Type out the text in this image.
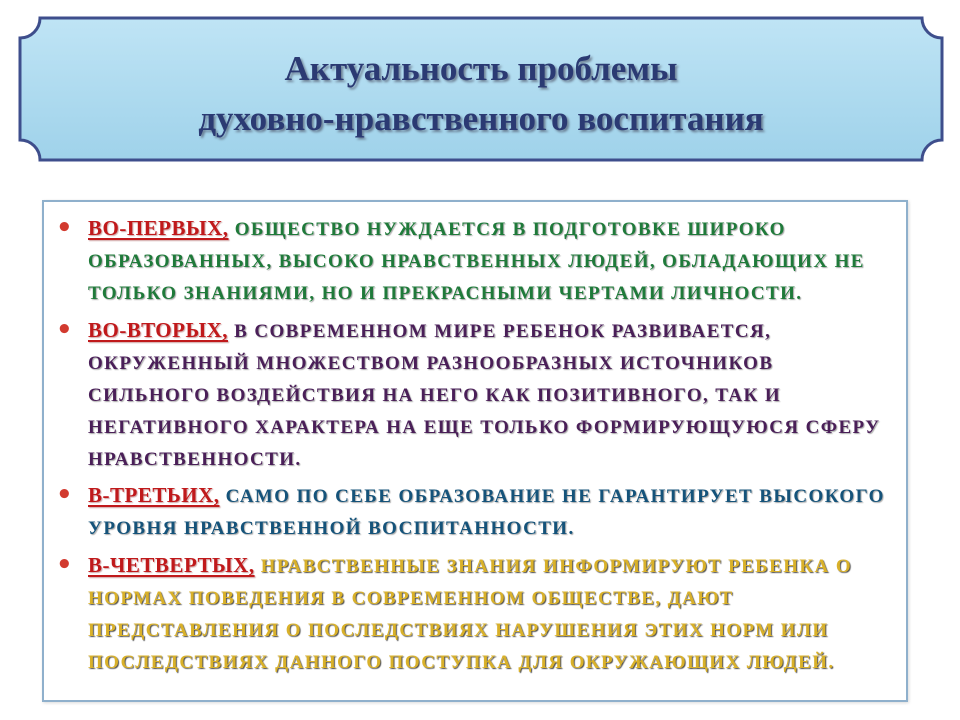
Актуальность проблемы
духовно-нравственного воспитания
• ВО-ПЕРВЫХ, ОБЩЕСТВО НУЖДАЕТСЯ В ПОДГОТОВКЕ ШИРОКО ОБРАЗОВАННЫХ, ВЫСОКО НРАВСТВЕННЫХ ЛЮДЕЙ, ОБЛАДАЮЩИХ НЕ ТОЛЬКО ЗНАНИЯМИ, НО И ПРЕКРАСНЫМИ ЧЕРТАМИ ЛИЧНОСТИ.
• ВО-ВТОРЫХ, В СОВРЕМЕННОМ МИРЕ РЕБЕНОК РАЗВИВАЕТСЯ, ОКРУЖЕННЫЙ МНОЖЕСТВОМ РАЗНООБРАЗНЫХ ИСТОЧНИКОВ СИЛЬНОГО ВОЗДЕЙСТВИЯ НА НЕГО КАК ПОЗИТИВНОГО, ТАК И НЕГАТИВНОГО ХАРАКТЕРА НА ЕЩЕ ТОЛЬКО ФОРМИРУЮЩУЮСЯ СФЕРУ НРАВСТВЕННОСТИ.
• В-ТРЕТЬИХ, САМО ПО СЕБЕ ОБРАЗОВАНИЕ НЕ ГАРАНТИРУЕТ ВЫСОКОГО УРОВНЯ НРАВСТВЕННОЙ ВОСПИТАННОСТИ.
• В-ЧЕТВЕРТЫХ, НРАВСТВЕННЫЕ ЗНАНИЯ ИНФОРМИРУЮТ РЕБЕНКА О НОРМАХ ПОВЕДЕНИЯ В СОВРЕМЕННОМ ОБЩЕСТВЕ, ДАЮТ ПРЕДСТАВЛЕНИЯ О ПОСЛЕДСТВИЯХ НАРУШЕНИЯ ЭТИХ НОРМ ИЛИ ПОСЛЕДСТВИЯХ ДАННОГО ПОСТУПКА ДЛЯ ОКРУЖАЮЩИХ ЛЮДЕЙ.
